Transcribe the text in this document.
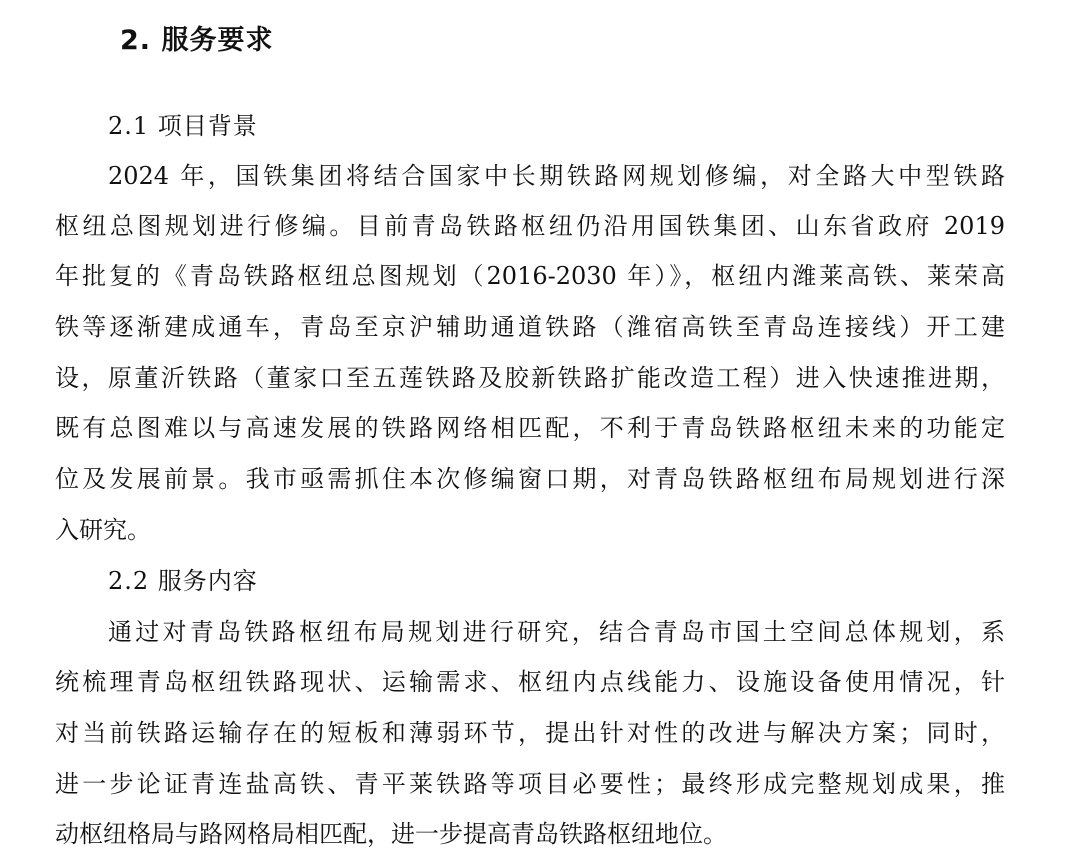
2. 服务要求
2.1 项目背景
2024 年，国铁集团将结合国家中长期铁路网规划修编，对全路大中型铁路
枢纽总图规划进行修编。目前青岛铁路枢纽仍沿用国铁集团、山东省政府 2019
年批复的《青岛铁路枢纽总图规划（2016-2030 年）》，枢纽内潍莱高铁、莱荣高
铁等逐渐建成通车，青岛至京沪辅助通道铁路（潍宿高铁至青岛连接线）开工建
设，原董沂铁路（董家口至五莲铁路及胶新铁路扩能改造工程）进入快速推进期，
既有总图难以与高速发展的铁路网络相匹配，不利于青岛铁路枢纽未来的功能定
位及发展前景。我市亟需抓住本次修编窗口期，对青岛铁路枢纽布局规划进行深
入研究。
2.2 服务内容
通过对青岛铁路枢纽布局规划进行研究，结合青岛市国土空间总体规划，系
统梳理青岛枢纽铁路现状、运输需求、枢纽内点线能力、设施设备使用情况，针
对当前铁路运输存在的短板和薄弱环节，提出针对性的改进与解决方案；同时，
进一步论证青连盐高铁、青平莱铁路等项目必要性；最终形成完整规划成果，推
动枢纽格局与路网格局相匹配，进一步提高青岛铁路枢纽地位。
